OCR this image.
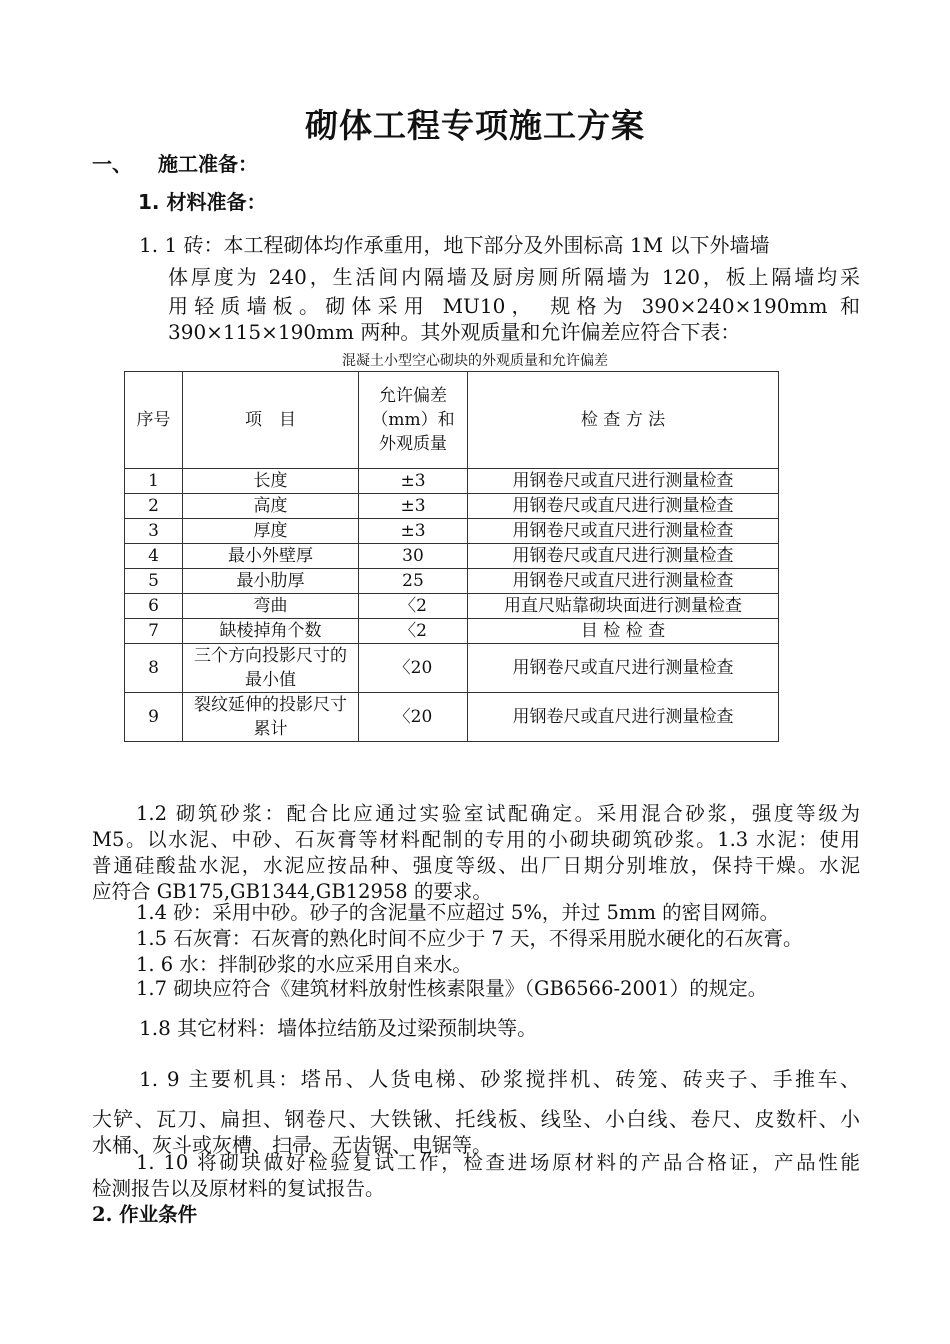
砌体工程专项施工方案
一、 施工准备：
1. 材料准备：
1. 1 砖：本工程砌体均作承重用，地下部分及外围标高 1M 以下外墙墙
体厚度为 240，生活间内隔墙及厨房厕所隔墙为 120，板上隔墙均采
用轻质墙板。砌体采用 MU10， 规格为 390×240×190mm 和
390×115×190mm 两种。其外观质量和允许偏差应符合下表：
混凝土小型空心砌块的外观质量和允许偏差
序号	项　目	允许偏差（mm）和外观质量	检 查 方 法
1	长度	±3	用钢卷尺或直尺进行测量检查
2	高度	±3	用钢卷尺或直尺进行测量检查
3	厚度	±3	用钢卷尺或直尺进行测量检查
4	最小外壁厚	30	用钢卷尺或直尺进行测量检查
5	最小肋厚	25	用钢卷尺或直尺进行测量检查
6	弯曲	〈2	用直尺贴靠砌块面进行测量检查
7	缺棱掉角个数	〈2	目 检 检 查
8	三个方向投影尺寸的最小值	〈20	用钢卷尺或直尺进行测量检查
9	裂纹延伸的投影尺寸累计	〈20	用钢卷尺或直尺进行测量检查
1.2 砌筑砂浆：配合比应通过实验室试配确定。采用混合砂浆，强度等级为
M5。以水泥、中砂、石灰膏等材料配制的专用的小砌块砌筑砂浆。1.3 水泥：使用
普通硅酸盐水泥，水泥应按品种、强度等级、出厂日期分别堆放，保持干燥。水泥
应符合 GB175,GB1344,GB12958 的要求。
1.4 砂：采用中砂。砂子的含泥量不应超过 5%，并过 5mm 的密目网筛。
1.5 石灰膏：石灰膏的熟化时间不应少于 7 天，不得采用脱水硬化的石灰膏。
1. 6 水：拌制砂浆的水应采用自来水。
1.7 砌块应符合《建筑材料放射性核素限量》（GB6566-2001）的规定。
1.8 其它材料：墙体拉结筋及过梁预制块等。
1. 9 主要机具：塔吊、人货电梯、砂浆搅拌机、砖笼、砖夹子、手推车、
大铲、瓦刀、扁担、钢卷尺、大铁锹、托线板、线坠、小白线、卷尺、皮数杆、小
水桶、灰斗或灰槽、扫帚、无齿锯、电锯等。
1. 10 将砌块做好检验复试工作，检查进场原材料的产品合格证，产品性能
检测报告以及原材料的复试报告。
2. 作业条件
